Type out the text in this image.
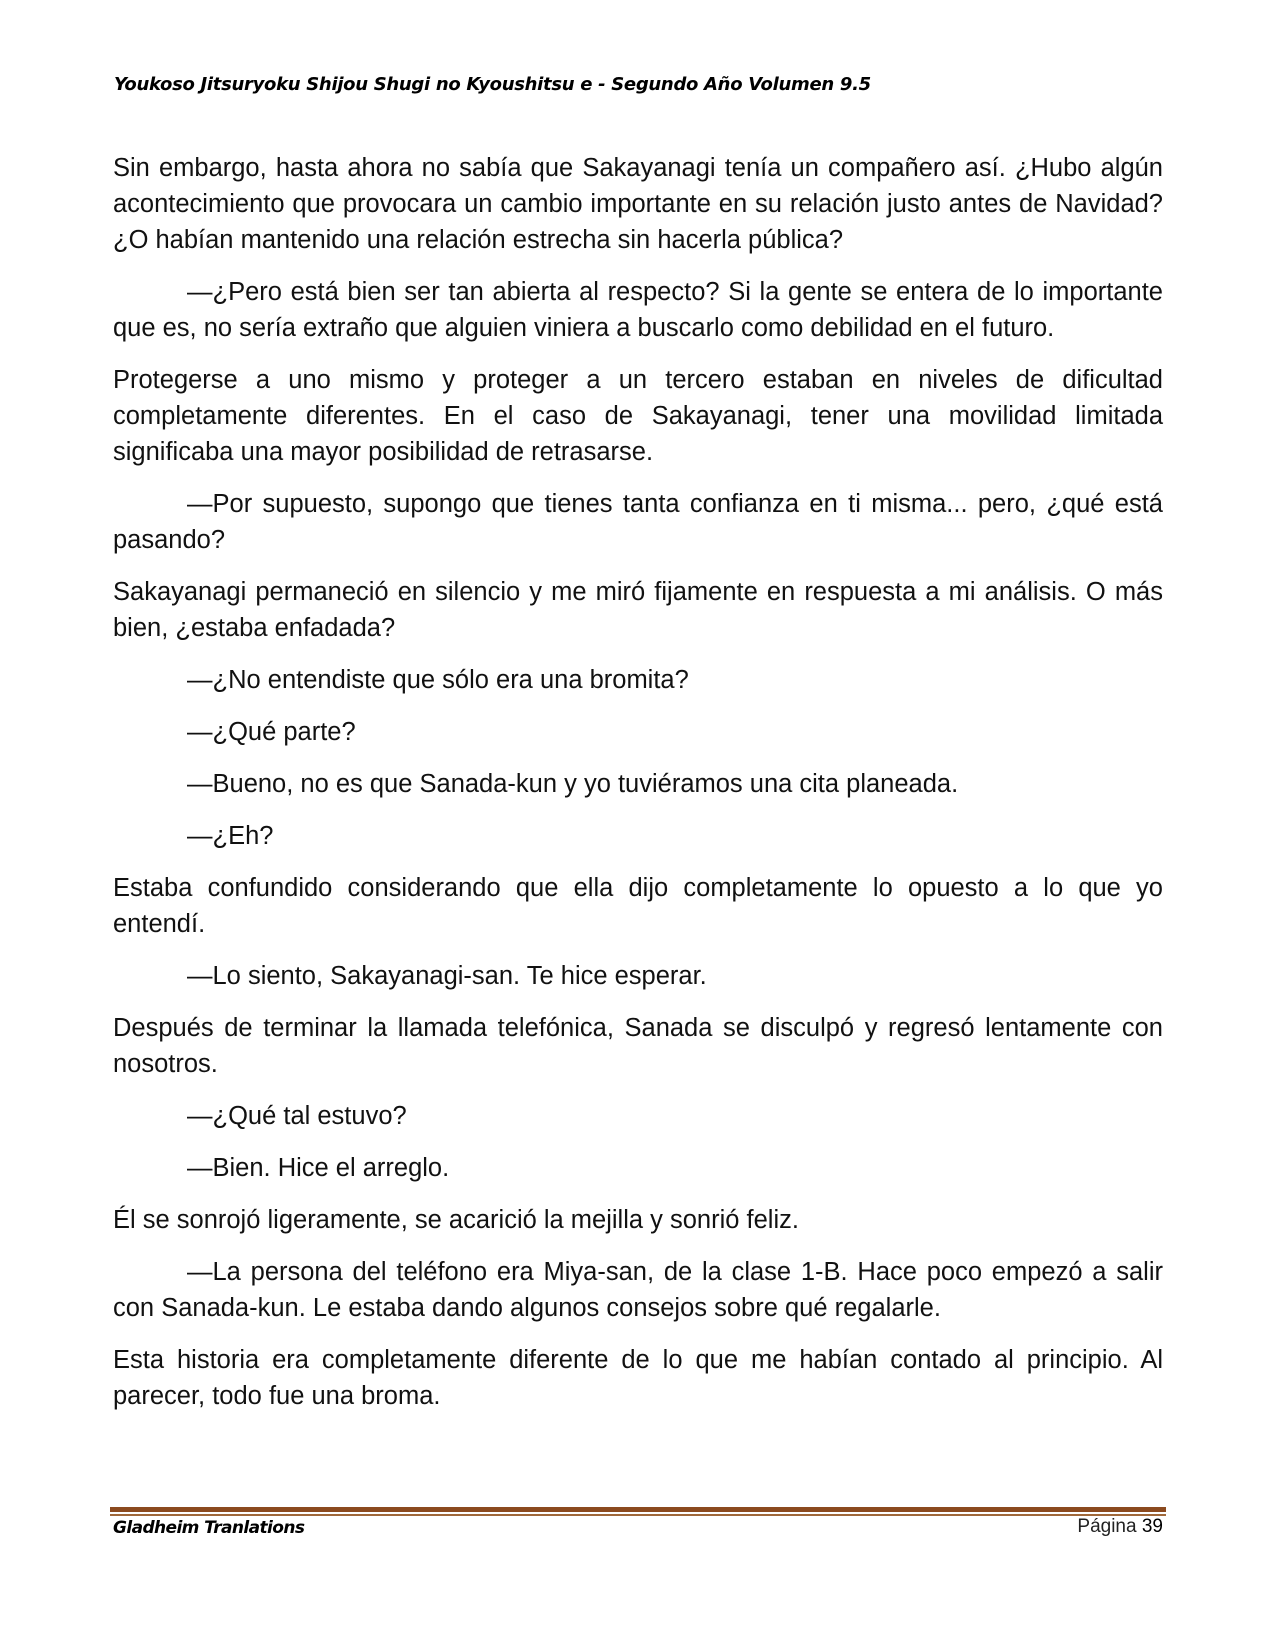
Youkoso Jitsuryoku Shijou Shugi no Kyoushitsu e - Segundo Año Volumen 9.5

Sin embargo, hasta ahora no sabía que Sakayanagi tenía un compañero así. ¿Hubo algún acontecimiento que provocara un cambio importante en su relación justo antes de Navidad? ¿O habían mantenido una relación estrecha sin hacerla pública?

—¿Pero está bien ser tan abierta al respecto? Si la gente se entera de lo importante que es, no sería extraño que alguien viniera a buscarlo como debilidad en el futuro.

Protegerse a uno mismo y proteger a un tercero estaban en niveles de dificultad completamente diferentes. En el caso de Sakayanagi, tener una movilidad limitada significaba una mayor posibilidad de retrasarse.

—Por supuesto, supongo que tienes tanta confianza en ti misma... pero, ¿qué está pasando?

Sakayanagi permaneció en silencio y me miró fijamente en respuesta a mi análisis. O más bien, ¿estaba enfadada?

—¿No entendiste que sólo era una bromita?

—¿Qué parte?

—Bueno, no es que Sanada-kun y yo tuviéramos una cita planeada.

—¿Eh?

Estaba confundido considerando que ella dijo completamente lo opuesto a lo que yo entendí.

—Lo siento, Sakayanagi-san. Te hice esperar.

Después de terminar la llamada telefónica, Sanada se disculpó y regresó lentamente con nosotros.

—¿Qué tal estuvo?

—Bien. Hice el arreglo.

Él se sonrojó ligeramente, se acarició la mejilla y sonrió feliz.

—La persona del teléfono era Miya-san, de la clase 1-B. Hace poco empezó a salir con Sanada-kun. Le estaba dando algunos consejos sobre qué regalarle.

Esta historia era completamente diferente de lo que me habían contado al principio. Al parecer, todo fue una broma.

Gladheim Tranlations	Página 39
